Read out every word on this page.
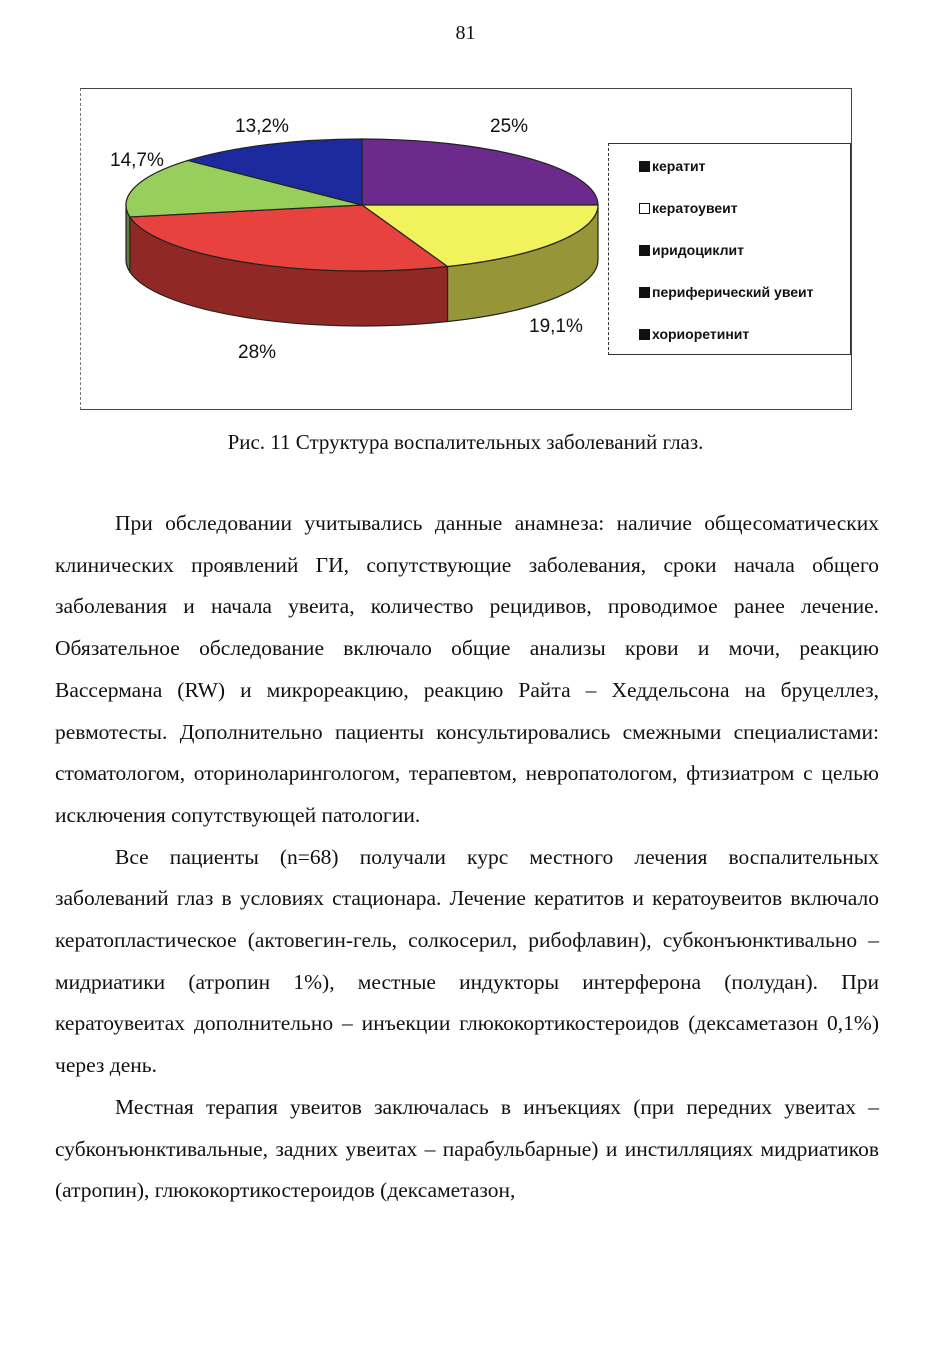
81
25%
19,1%
28%
14,7%
13,2%
кератит
кератоувеит
иридоциклит
периферический увеит
хориоретинит
Рис. 11 Структура воспалительных заболеваний глаз.

При обследовании учитывались данные анамнеза: наличие общесоматических клинических проявлений ГИ, сопутствующие заболевания, сроки начала общего заболевания и начала увеита, количество рецидивов, проводимое ранее лечение. Обязательное обследование включало общие анализы крови и мочи, реакцию Вассермана (RW) и микрореакцию, реакцию Райта – Хеддельсона на бруцеллез, ревмотесты. Дополнительно пациенты консультировались смежными специалистами: стоматологом, оториноларингологом, терапевтом, невропатологом, фтизиатром с целью исключения сопутствующей патологии.

Все пациенты (n=68) получали курс местного лечения воспалительных заболеваний глаз в условиях стационара. Лечение кератитов и кератоувеитов включало кератопластическое (актовегин-гель, солкосерил, рибофлавин), субконъюнктивально – мидриатики (атропин 1%), местные индукторы интерферона (полудан). При кератоувеитах дополнительно – инъекции глюкокортикостероидов (дексаметазон 0,1%) через день.

Местная терапия увеитов заключалась в инъекциях (при передних увеитах – субконъюнктивальные, задних увеитах – парабульбарные) и инстилляциях мидриатиков (атропин), глюкокортикостероидов (дексаметазон,
